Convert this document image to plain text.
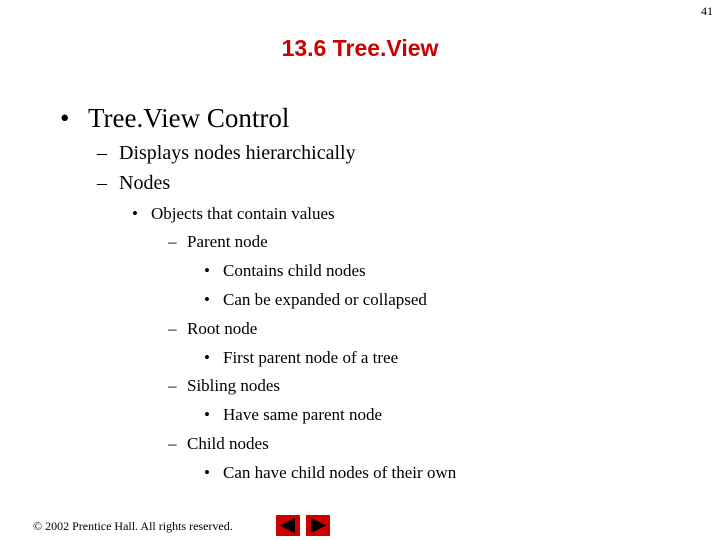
41
13.6 Tree.View
• Tree.View Control
– Displays nodes hierarchically
– Nodes
• Objects that contain values
– Parent node
• Contains child nodes
• Can be expanded or collapsed
– Root node
• First parent node of a tree
– Sibling nodes
• Have same parent node
– Child nodes
• Can have child nodes of their own
© 2002 Prentice Hall. All rights reserved.
